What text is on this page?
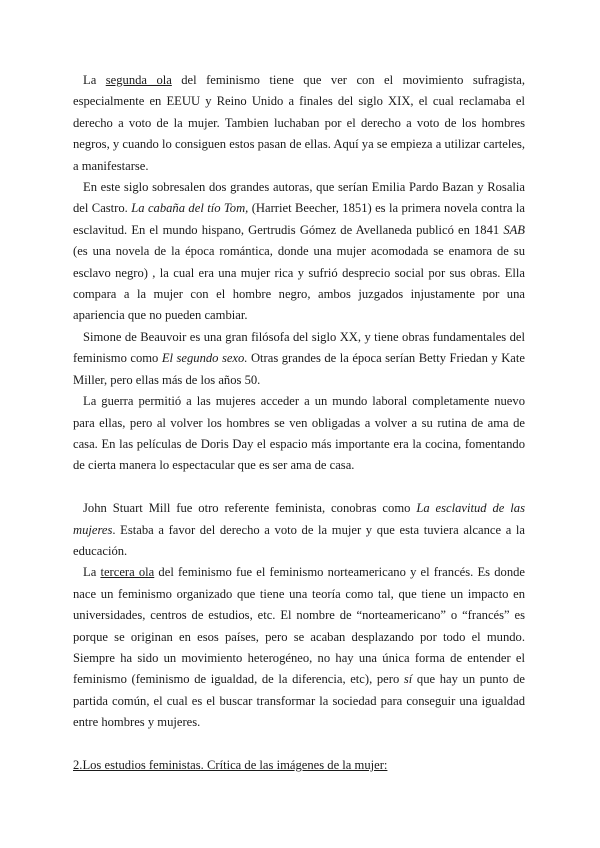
La segunda ola del feminismo tiene que ver con el movimiento sufragista, especialmente en EEUU y Reino Unido a finales del siglo XIX, el cual reclamaba el derecho a voto de la mujer. Tambien luchaban por el derecho a voto de los hombres negros, y cuando lo consiguen estos pasan de ellas. Aquí ya se empieza a utilizar carteles, a manifestarse.

En este siglo sobresalen dos grandes autoras, que serían Emilia Pardo Bazan y Rosalia del Castro. La cabaña del tío Tom, (Harriet Beecher, 1851) es la primera novela contra la esclavitud. En el mundo hispano, Gertrudis Gómez de Avellaneda publicó en 1841 SAB (es una novela de la época romántica, donde una mujer acomodada se enamora de su esclavo negro) , la cual era una mujer rica y sufrió desprecio social por sus obras. Ella compara a la mujer con el hombre negro, ambos juzgados injustamente por una apariencia que no pueden cambiar.

Simone de Beauvoir es una gran filósofa del siglo XX, y tiene obras fundamentales del feminismo como El segundo sexo. Otras grandes de la época serían Betty Friedan y Kate Miller, pero ellas más de los años 50.

La guerra permitió a las mujeres acceder a un mundo laboral completamente nuevo para ellas, pero al volver los hombres se ven obligadas a volver a su rutina de ama de casa. En las películas de Doris Day el espacio más importante era la cocina, fomentando de cierta manera lo espectacular que es ser ama de casa.

John Stuart Mill fue otro referente feminista, conobras como La esclavitud de las mujeres. Estaba a favor del derecho a voto de la mujer y que esta tuviera alcance a la educación.

La tercera ola del feminismo fue el feminismo norteamericano y el francés. Es donde nace un feminismo organizado que tiene una teoría como tal, que tiene un impacto en universidades, centros de estudios, etc. El nombre de “norteamericano” o “francés” es porque se originan en esos países, pero se acaban desplazando por todo el mundo. Siempre ha sido un movimiento heterogéneo, no hay una única forma de entender el feminismo (feminismo de igualdad, de la diferencia, etc), pero sí que hay un punto de partida común, el cual es el buscar transformar la sociedad para conseguir una igualdad entre hombres y mujeres.

2.Los estudios feministas. Crítica de las imágenes de la mujer:
